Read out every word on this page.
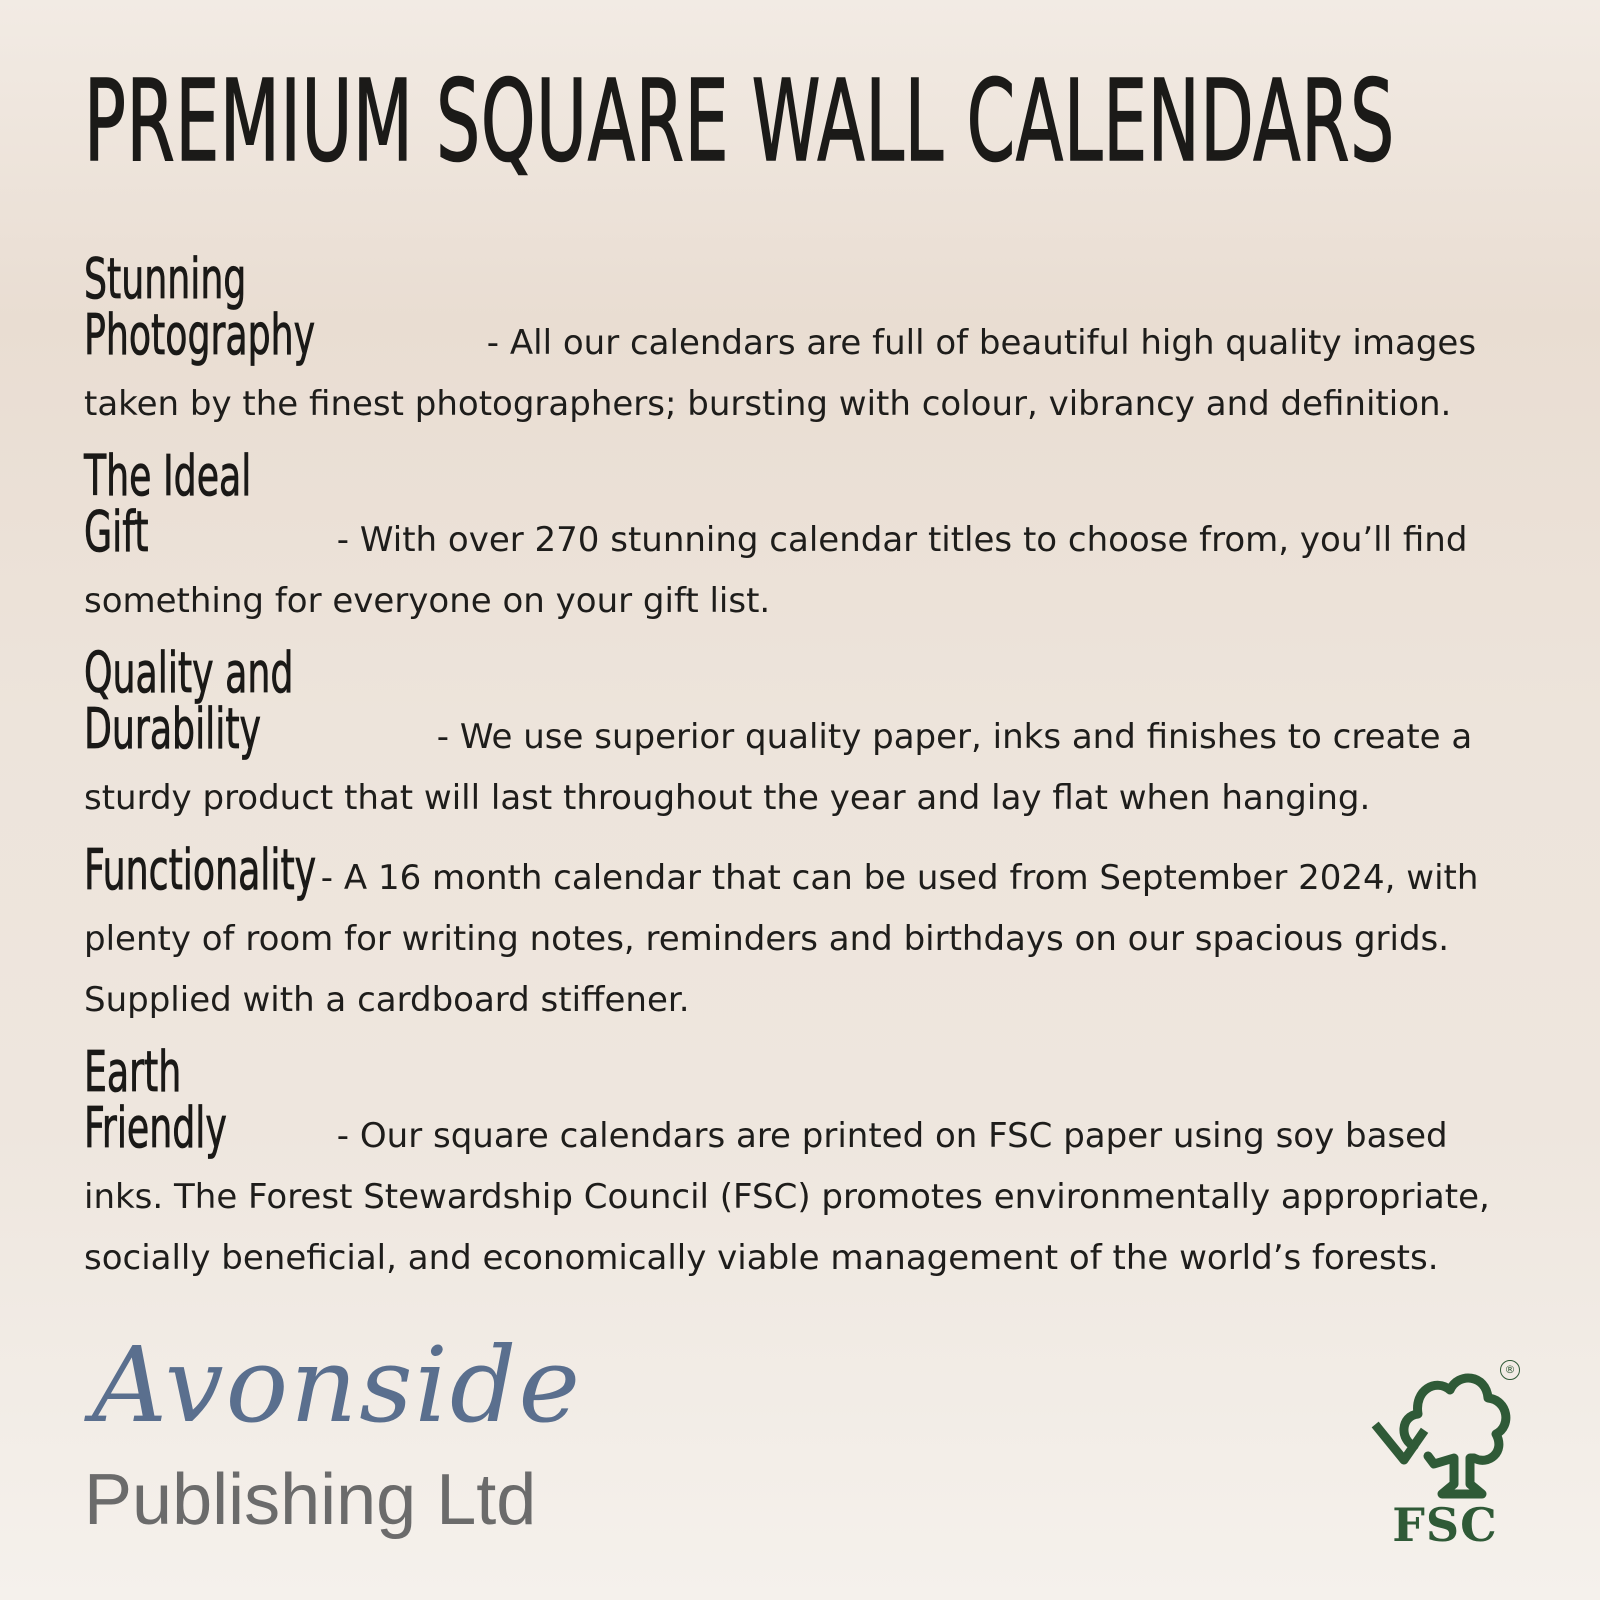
PREMIUM SQUARE WALL CALENDARS

Stunning Photography	- All our calendars are full of beautiful high quality images taken by the finest photographers; bursting with colour, vibrancy and definition.

The Ideal Gift	- With over 270 stunning calendar titles to choose from, you’ll find something for everyone on your gift list.

Quality and Durability	- We use superior quality paper, inks and finishes to create a sturdy product that will last throughout the year and lay flat when hanging.

Functionality - A 16 month calendar that can be used from September 2024, with plenty of room for writing notes, reminders and birthdays on our spacious grids. Supplied with a cardboard stiffener.

Earth Friendly	- Our square calendars are printed on FSC paper using soy based inks. The Forest Stewardship Council (FSC) promotes environmentally appropriate, socially beneficial, and economically viable management of the world’s forests.

Avonside
Publishing Ltd
®
FSC
